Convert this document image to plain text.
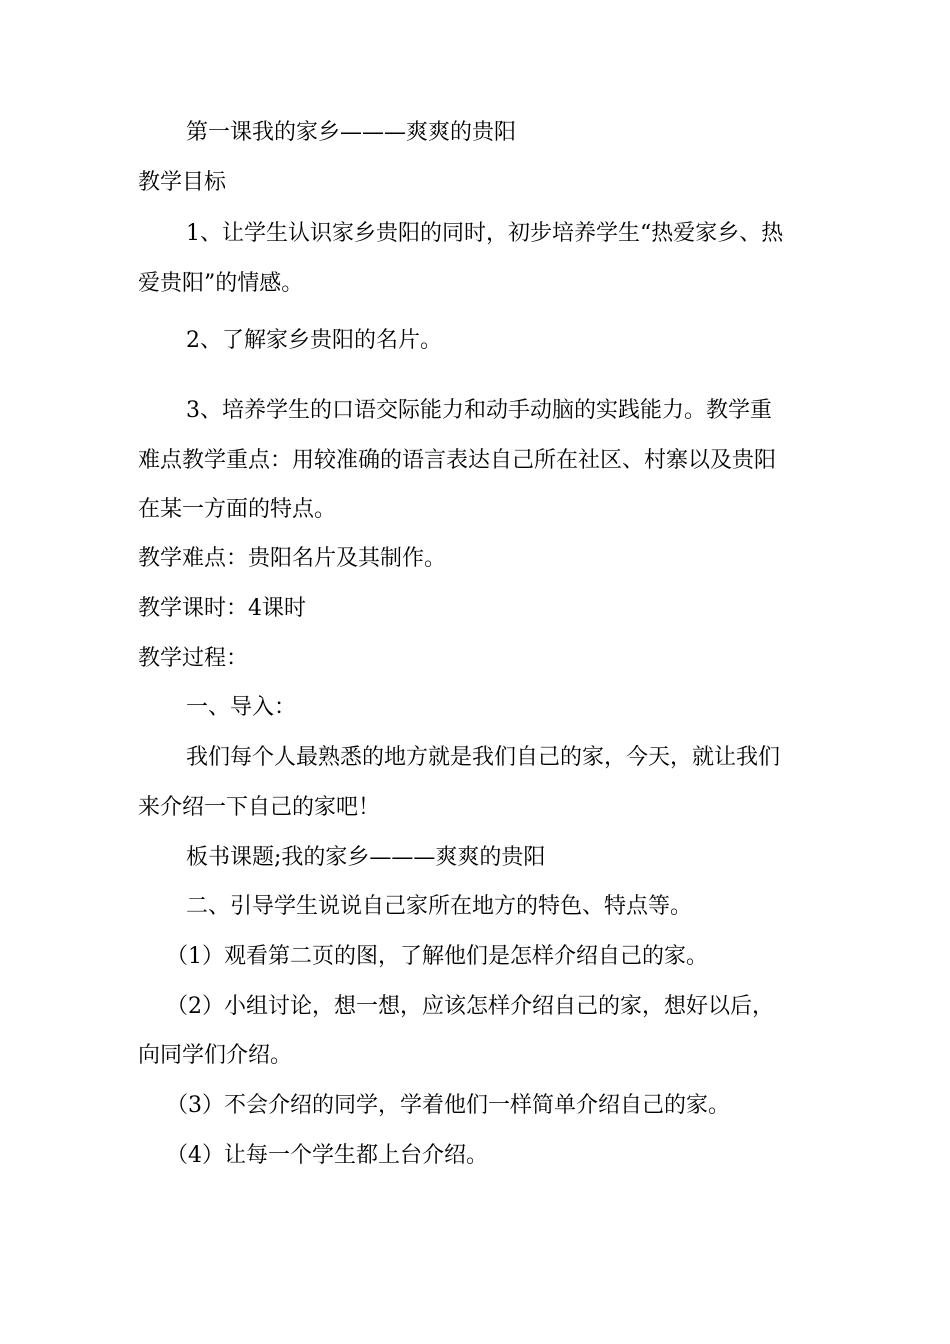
第一课我的家乡———爽爽的贵阳
教学目标
1、让学生认识家乡贵阳的同时，初步培养学生“热爱家乡、热
爱贵阳”的情感。
2、了解家乡贵阳的名片。
3、培养学生的口语交际能力和动手动脑的实践能力。教学重
难点教学重点：用较准确的语言表达自己所在社区、村寨以及贵阳
在某一方面的特点。
教学难点：贵阳名片及其制作。
教学课时：4课时
教学过程：
一、导入：
我们每个人最熟悉的地方就是我们自己的家，今天，就让我们
来介绍一下自己的家吧！
板书课题;我的家乡———爽爽的贵阳
二、引导学生说说自己家所在地方的特色、特点等。
（1）观看第二页的图，了解他们是怎样介绍自己的家。
（2）小组讨论，想一想，应该怎样介绍自己的家，想好以后，
向同学们介绍。
（3）不会介绍的同学，学着他们一样简单介绍自己的家。
（4）让每一个学生都上台介绍。
